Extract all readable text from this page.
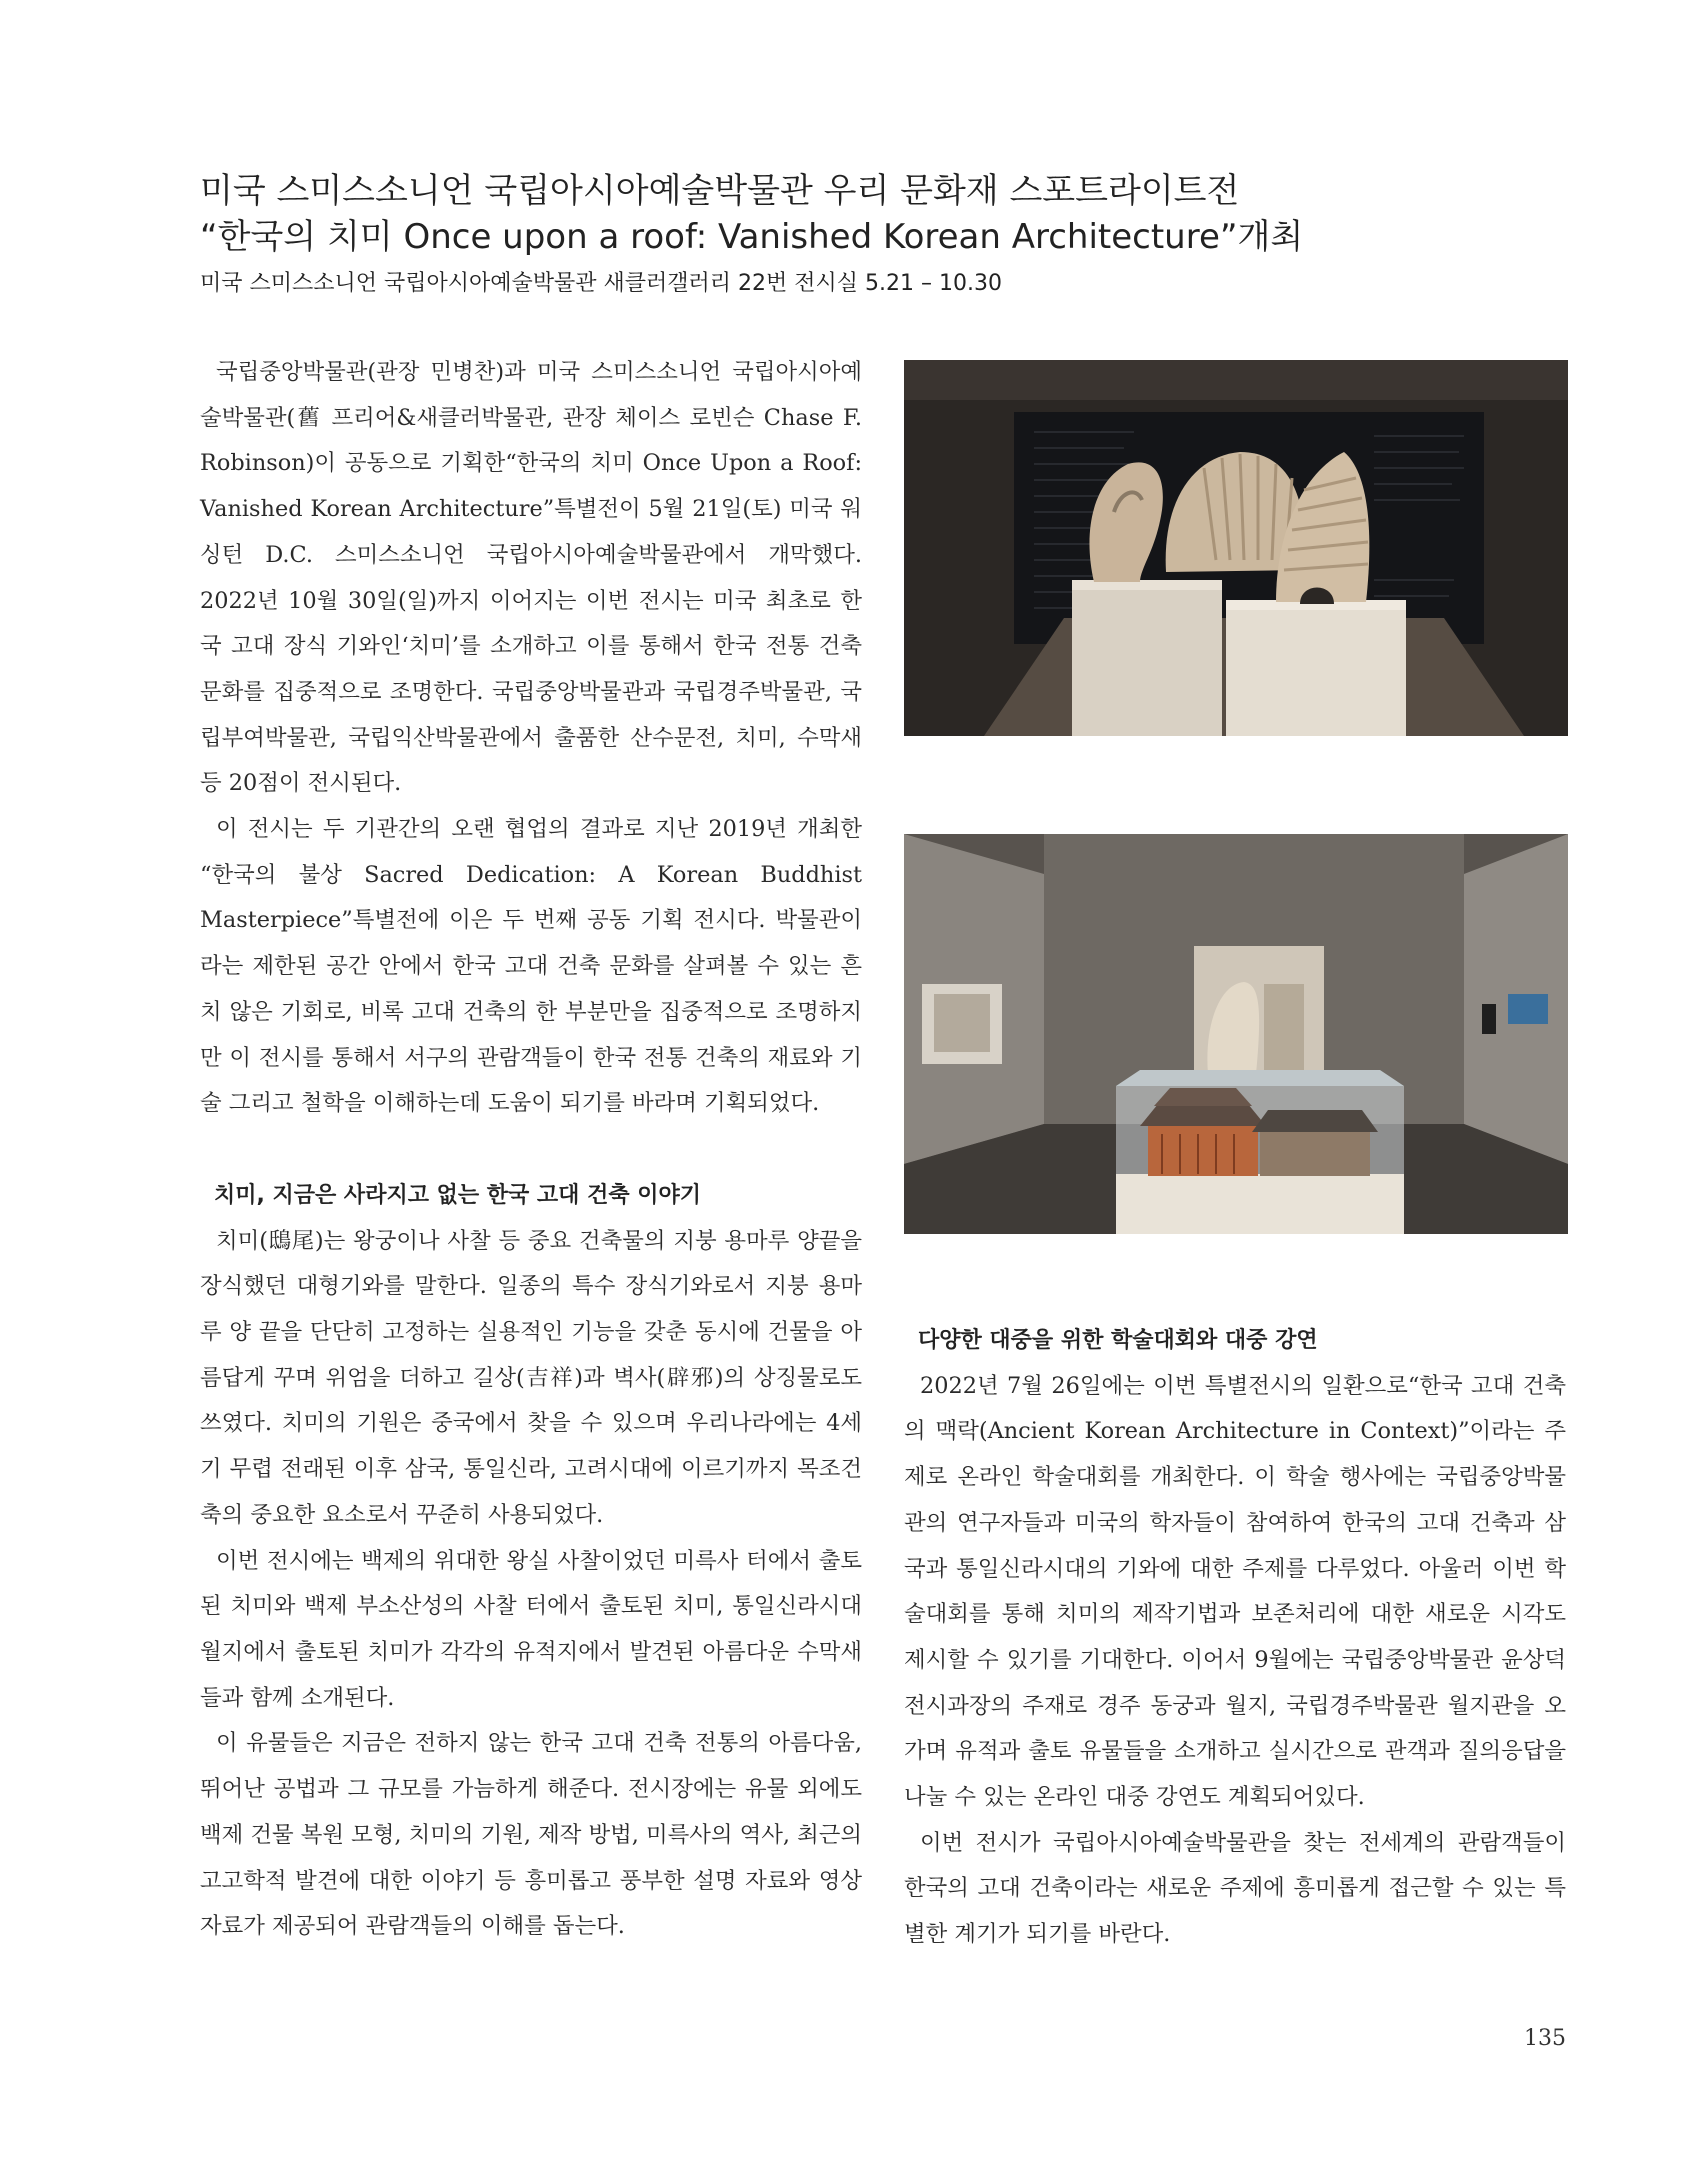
미국 스미스소니언 국립아시아예술박물관 우리 문화재 스포트라이트전
“한국의 치미 Once upon a roof: Vanished Korean Architecture”개최
미국 스미스소니언 국립아시아예술박물관 새클러갤러리 22번 전시실 5.21 – 10.30

국립중앙박물관(관장 민병찬)과 미국 스미스소니언 국립아시아예술박물관(舊 프리어&새클러박물관, 관장 체이스 로빈슨 Chase F. Robinson)이 공동으로 기획한“한국의 치미 Once Upon a Roof: Vanished Korean Architecture”특별전이 5월 21일(토) 미국 워싱턴 D.C. 스미스소니언 국립아시아예술박물관에서 개막했다. 2022년 10월 30일(일)까지 이어지는 이번 전시는 미국 최초로 한국 고대 장식 기와인‘치미’를 소개하고 이를 통해서 한국 전통 건축 문화를 집중적으로 조명한다. 국립중앙박물관과 국립경주박물관, 국립부여박물관, 국립익산박물관에서 출품한 산수문전, 치미, 수막새 등 20점이 전시된다.

이 전시는 두 기관간의 오랜 협업의 결과로 지난 2019년 개최한 “한국의 불상 Sacred Dedication: A Korean Buddhist Masterpiece”특별전에 이은 두 번째 공동 기획 전시다. 박물관이라는 제한된 공간 안에서 한국 고대 건축 문화를 살펴볼 수 있는 흔치 않은 기회로, 비록 고대 건축의 한 부분만을 집중적으로 조명하지만 이 전시를 통해서 서구의 관람객들이 한국 전통 건축의 재료와 기술 그리고 철학을 이해하는데 도움이 되기를 바라며 기획되었다.

치미, 지금은 사라지고 없는 한국 고대 건축 이야기

치미(鴟尾)는 왕궁이나 사찰 등 중요 건축물의 지붕 용마루 양끝을 장식했던 대형기와를 말한다. 일종의 특수 장식기와로서 지붕 용마루 양 끝을 단단히 고정하는 실용적인 기능을 갖춘 동시에 건물을 아름답게 꾸며 위엄을 더하고 길상(吉祥)과 벽사(辟邪)의 상징물로도 쓰였다. 치미의 기원은 중국에서 찾을 수 있으며 우리나라에는 4세기 무렵 전래된 이후 삼국, 통일신라, 고려시대에 이르기까지 목조건축의 중요한 요소로서 꾸준히 사용되었다.

이번 전시에는 백제의 위대한 왕실 사찰이었던 미륵사 터에서 출토된 치미와 백제 부소산성의 사찰 터에서 출토된 치미, 통일신라시대 월지에서 출토된 치미가 각각의 유적지에서 발견된 아름다운 수막새들과 함께 소개된다.

이 유물들은 지금은 전하지 않는 한국 고대 건축 전통의 아름다움, 뛰어난 공법과 그 규모를 가늠하게 해준다. 전시장에는 유물 외에도 백제 건물 복원 모형, 치미의 기원, 제작 방법, 미륵사의 역사, 최근의 고고학적 발견에 대한 이야기 등 흥미롭고 풍부한 설명 자료와 영상 자료가 제공되어 관람객들의 이해를 돕는다.

다양한 대중을 위한 학술대회와 대중 강연

2022년 7월 26일에는 이번 특별전시의 일환으로“한국 고대 건축의 맥락(Ancient Korean Architecture in Context)”이라는 주제로 온라인 학술대회를 개최한다. 이 학술 행사에는 국립중앙박물관의 연구자들과 미국의 학자들이 참여하여 한국의 고대 건축과 삼국과 통일신라시대의 기와에 대한 주제를 다루었다. 아울러 이번 학술대회를 통해 치미의 제작기법과 보존처리에 대한 새로운 시각도 제시할 수 있기를 기대한다. 이어서 9월에는 국립중앙박물관 윤상덕 전시과장의 주재로 경주 동궁과 월지, 국립경주박물관 월지관을 오가며 유적과 출토 유물들을 소개하고 실시간으로 관객과 질의응답을 나눌 수 있는 온라인 대중 강연도 계획되어있다.

이번 전시가 국립아시아예술박물관을 찾는 전세계의 관람객들이 한국의 고대 건축이라는 새로운 주제에 흥미롭게 접근할 수 있는 특별한 계기가 되기를 바란다.

135
